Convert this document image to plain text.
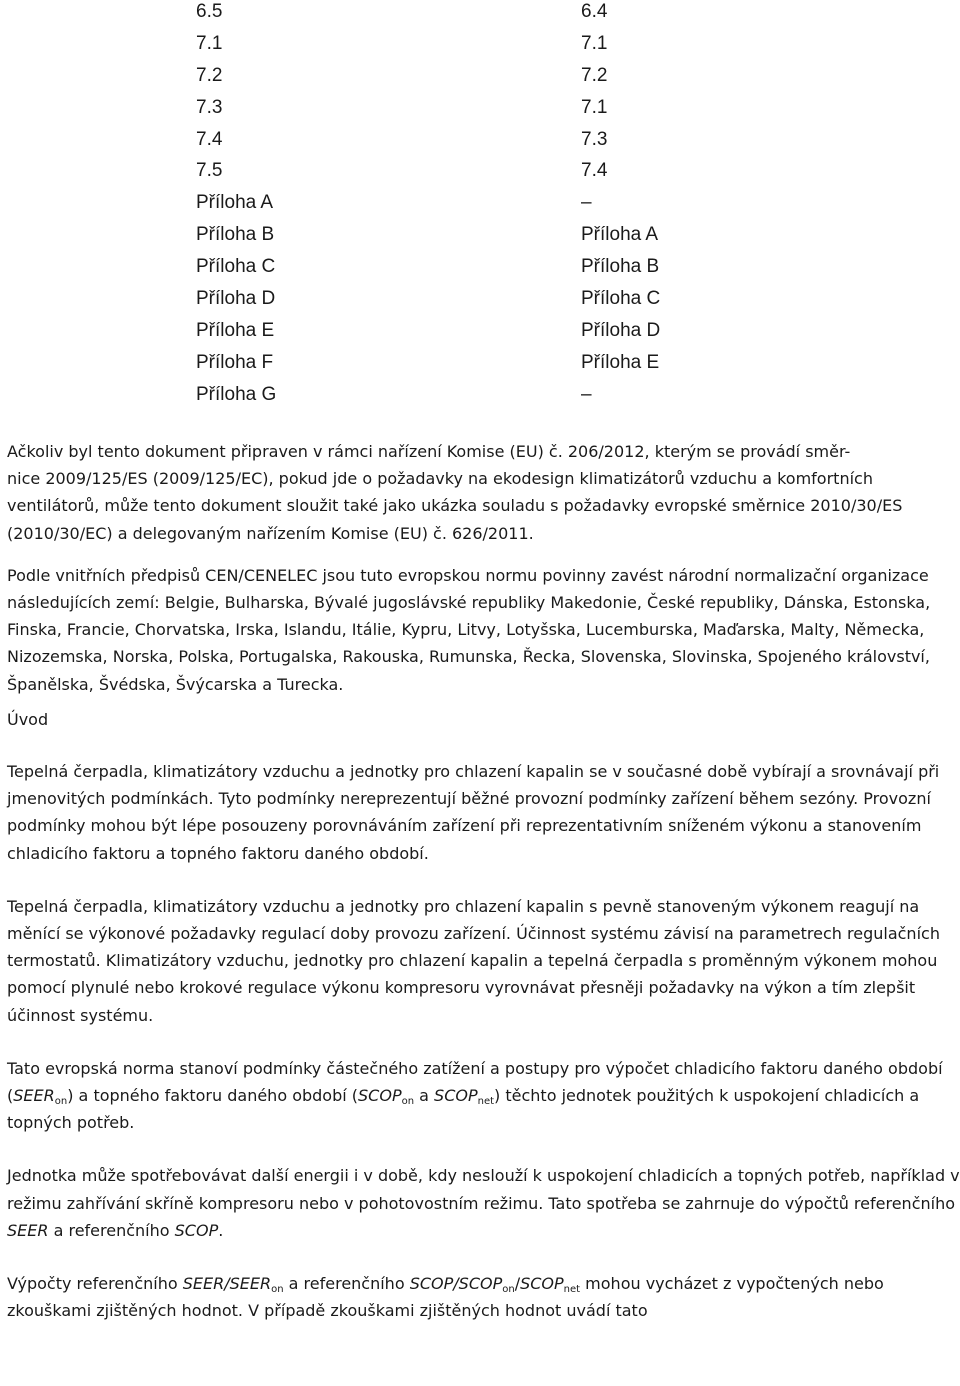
6.5	6.4
7.1	7.1
7.2	7.2
7.3	7.1
7.4	7.3
7.5	7.4
Příloha A	–
Příloha B	Příloha A
Příloha C	Příloha B
Příloha D	Příloha C
Příloha E	Příloha D
Příloha F	Příloha E
Příloha G	–

Ačkoliv byl tento dokument připraven v rámci nařízení Komise (EU) č. 206/2012, kterým se provádí směr-
nice 2009/125/ES (2009/125/EC), pokud jde o požadavky na ekodesign klimatizátorů vzduchu a komfortních ventilátorů, může tento dokument sloužit také jako ukázka souladu s požadavky evropské směrnice 2010/30/ES (2010/30/EC) a delegovaným nařízením Komise (EU) č. 626/2011.

Podle vnitřních předpisů CEN/CENELEC jsou tuto evropskou normu povinny zavést národní normalizační organizace následujících zemí: Belgie, Bulharska, Bývalé jugoslávské republiky Makedonie, České republiky, Dánska, Estonska, Finska, Francie, Chorvatska, Irska, Islandu, Itálie, Kypru, Litvy, Lotyšska, Lucemburska, Maďarska, Malty, Německa, Nizozemska, Norska, Polska, Portugalska, Rakouska, Rumunska, Řecka, Slovenska, Slovinska, Spojeného království, Španělska, Švédska, Švýcarska a Turecka.

Úvod

Tepelná čerpadla, klimatizátory vzduchu a jednotky pro chlazení kapalin se v současné době vybírají a srovnávají při jmenovitých podmínkách. Tyto podmínky nereprezentují běžné provozní podmínky zařízení během sezóny. Provozní podmínky mohou být lépe posouzeny porovnáváním zařízení při reprezentativním sníženém výkonu a stanovením chladicího faktoru a topného faktoru daného období.

Tepelná čerpadla, klimatizátory vzduchu a jednotky pro chlazení kapalin s pevně stanoveným výkonem reagují na měnící se výkonové požadavky regulací doby provozu zařízení. Účinnost systému závisí na parametrech regulačních termostatů. Klimatizátory vzduchu, jednotky pro chlazení kapalin a tepelná čerpadla s proměnným výkonem mohou pomocí plynulé nebo krokové regulace výkonu kompresoru vyrovnávat přesněji požadavky na výkon a tím zlepšit účinnost systému.

Tato evropská norma stanoví podmínky částečného zatížení a postupy pro výpočet chladicího faktoru daného období $(SEER_{on})$ a topného faktoru daného období ($SCOP_{on}$ a $SCOP_{net}$) těchto jednotek použitých k uspokojení chladicích a topných potřeb.

Jednotka může spotřebovávat další energii i v době, kdy neslouží k uspokojení chladicích a topných potřeb, například v režimu zahřívání skříně kompresoru nebo v pohotovostním režimu. Tato spotřeba se zahrnuje do výpočtů referenčního SEER a referenčního SCOP.

Výpočty referenčního SEER/$SEER_{on}$ a referenčního SCOP/$SCOP_{on}/SCOP_{net}$ mohou vycházet z vypočtených nebo zkouškami zjištěných hodnot. V případě zkouškami zjištěných hodnot uvádí tato
